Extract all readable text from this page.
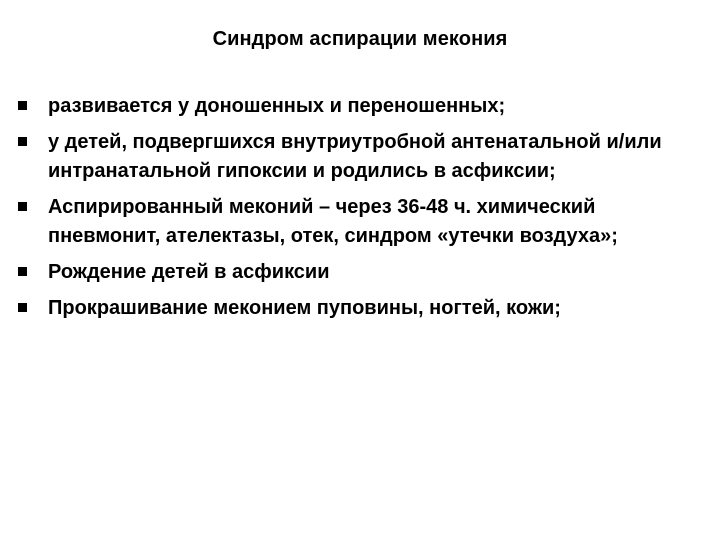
Синдром аспирации мекония
развивается у доношенных и переношенных;
у детей, подвергшихся внутриутробной антенатальной и/или интранатальной гипоксии и родились в асфиксии;
Аспирированный меконий – через 36-48 ч. химический пневмонит, ателектазы, отек, синдром «утечки воздуха»;
Рождение детей в асфиксии
Прокрашивание меконием пуповины, ногтей, кожи;
